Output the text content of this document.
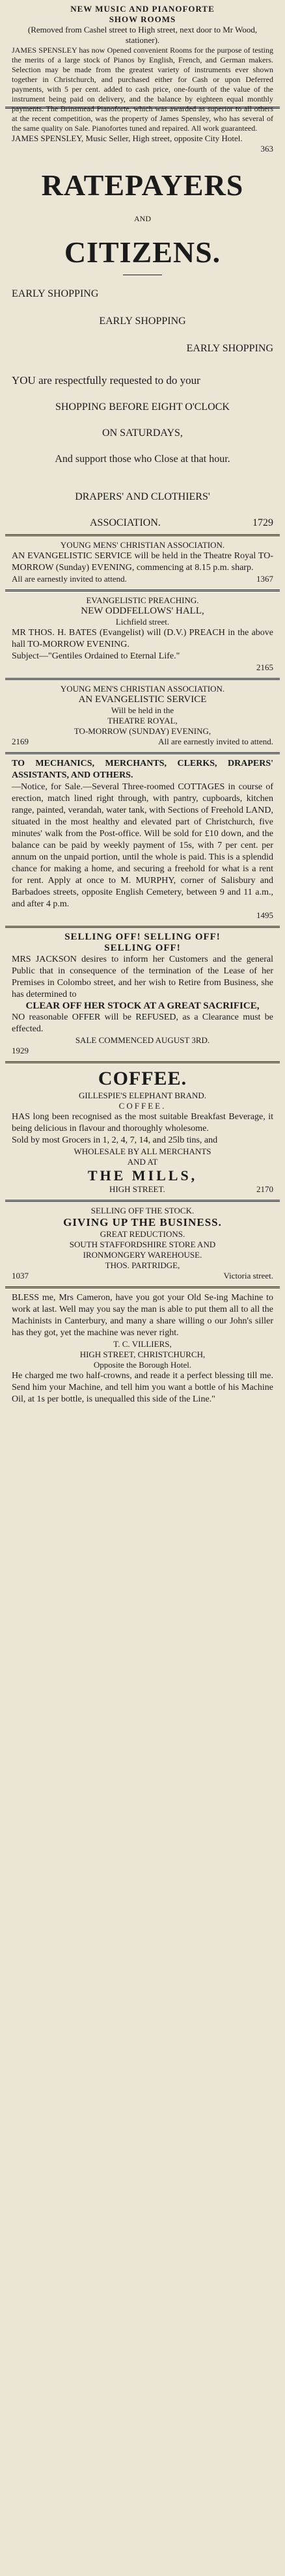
NEW MUSIC AND PIANOFORTE
SHOW ROOMS
(Removed from Cashel street to High street, next door to Mr Wood, stationer).
JAMES SPENSLEY has now Opened convenient Rooms for the purpose of testing the merits of a large stock of Pianos by English, French, and German makers. Selection may be made from the greatest variety of instruments ever shown together in Christchurch, and purchased either for Cash or upon Deferred payments, with 5 per cent. added to cash price, one-fourth of the value of the instrument being paid on delivery, and the balance by eighteen equal monthly payments. The Brinsmead Pianoforte, which was awarded as superior to all others at the recent competition, was the property of James Spensley, who has several of the same quality on Sale. Pianofortes tuned and repaired. All work guaranteed.
JAMES SPENSLEY, Music Seller, High street, opposite City Hotel.
363
RATEPAYERS
AND
CITIZENS.
EARLY SHOPPING
EARLY SHOPPING
EARLY SHOPPING
YOU are respectfully requested to do your
SHOPPING BEFORE EIGHT O'CLOCK
ON SATURDAYS,
And support those who Close at that hour.
DRAPERS' AND CLOTHIERS'
ASSOCIATION.	1729
YOUNG MENS' CHRISTIAN ASSOCIATION.
AN EVANGELISTIC SERVICE will be held in the Theatre Royal TO-MORROW (Sunday) EVENING, commencing at 8.15 p.m. sharp.
All are earnestly invited to attend.	1367
EVANGELISTIC PREACHING.
NEW ODDFELLOWS' HALL,
Lichfield street.
MR THOS. H. BATES (Evangelist) will (D.V.) PREACH in the above hall TO-MORROW EVENING.
Subject—"Gentiles Ordained to Eternal Life."
2165
YOUNG MEN'S CHRISTIAN ASSOCIATION.
AN EVANGELISTIC SERVICE
Will be held in the
THEATRE ROYAL,
TO-MORROW (SUNDAY) EVENING,
2169	All are earnestly invited to attend.
TO MECHANICS, MERCHANTS, CLERKS, DRAPERS' ASSISTANTS, AND OTHERS.
—Notice, for Sale.—Several Three-roomed COTTAGES in course of erection, match lined right through, with pantry, cupboards, kitchen range, painted, verandah, water tank, with Sections of Freehold LAND, situated in the most healthy and elevated part of Christchurch, five minutes' walk from the Post-office. Will be sold for £10 down, and the balance can be paid by weekly payment of 15s, with 7 per cent. per annum on the unpaid portion, until the whole is paid. This is a splendid chance for making a home, and securing a freehold for what is a rent for rent. Apply at once to M. MURPHY, corner of Salisbury and Barbadoes streets, opposite English Cemetery, between 9 and 11 a.m., and after 4 p.m.
1495
SELLING OFF! SELLING OFF!
SELLING OFF!
MRS JACKSON desires to inform her Customers and the general Public that in consequence of the termination of the Lease of her Premises in Colombo street, and her wish to Retire from Business, she has determined to
CLEAR OFF HER STOCK AT A GREAT SACRIFICE,
NO reasonable OFFER will be REFUSED, as a Clearance must be effected.
SALE COMMENCED AUGUST 3RD.
1929
COFFEE.
GILLESPIE'S ELEPHANT BRAND.
COFFEE.
HAS long been recognised as the most suitable Breakfast Beverage, it being delicious in flavour and thoroughly wholesome.
Sold by most Grocers in 1, 2, 4, 7, 14, and 25lb tins, and
WHOLESALE BY ALL MERCHANTS
AND AT
THE MILLS,
HIGH STREET.	2170
SELLING OFF THE STOCK.
GIVING UP THE BUSINESS.
GREAT REDUCTIONS.
SOUTH STAFFORDSHIRE STORE AND
IRONMONGERY WAREHOUSE.
THOS. PARTRIDGE,
1037	Victoria street.
BLESS me, Mrs Cameron, have you got your Old Se-ing Machine to work at last. Well may you say the man is able to put them all to all the Machinists in Canterbury, and many a share willing o our John's siller has they got, yet the machine was never right.
T. C. VILLIERS,
HIGH STREET, CHRISTCHURCH,
Opposite the Borough Hotel.
He charged me two half-crowns, and reade it a perfect blessing till me. Send him your Machine, and tell him you want a bottle of his Machine Oil, at 1s per bottle, is unequalled this side of the Line."
